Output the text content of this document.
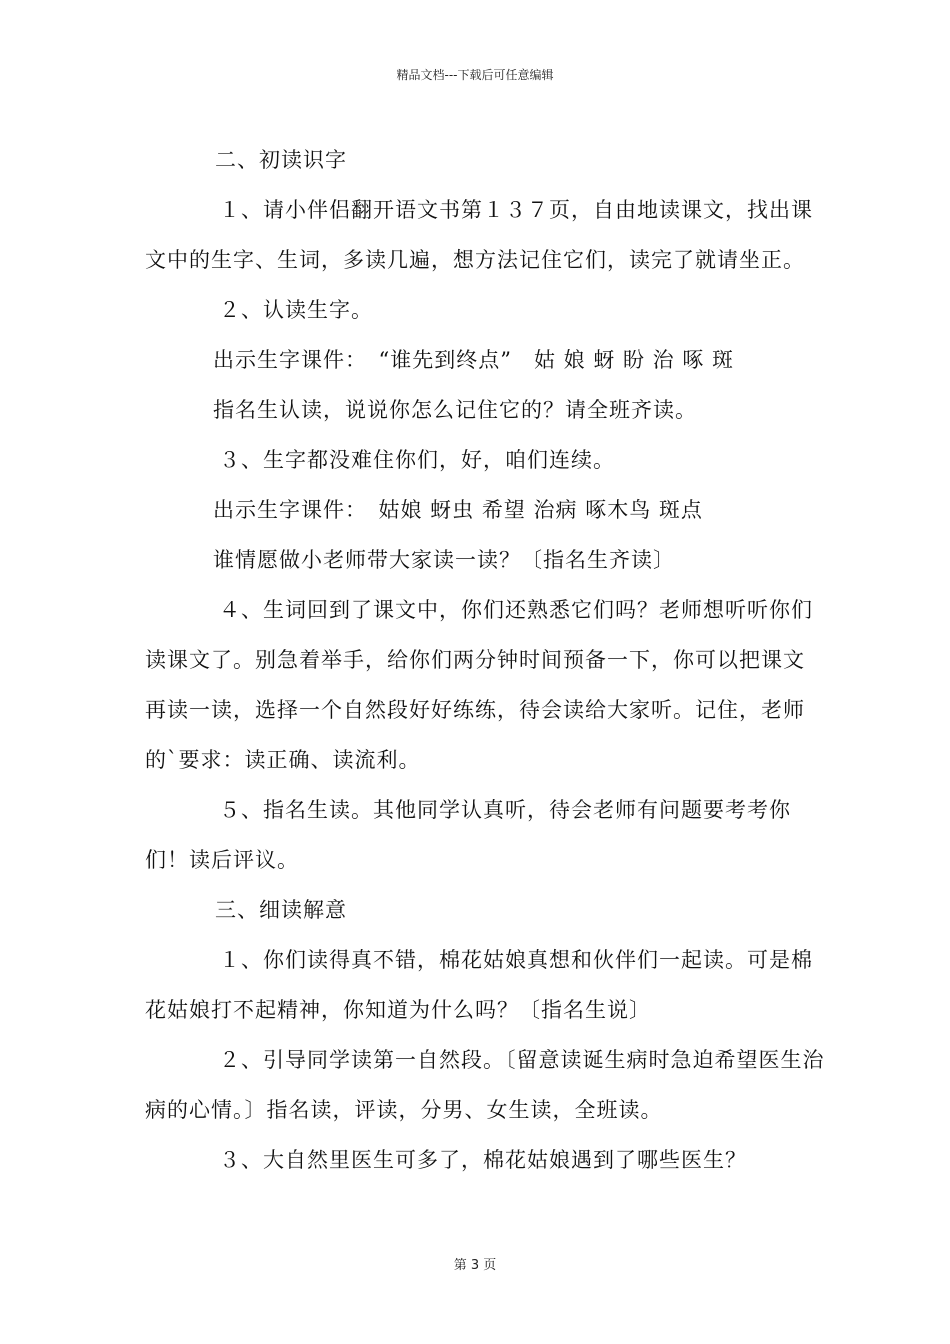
精品文档---下载后可任意编辑

二、初读识字

１、请小伴侣翻开语文书第１３７页，自由地读课文，找出课文中的生字、生词，多读几遍，想方法记住它们，读完了就请坐正。

２、认读生字。

出示生字课件：　“谁先到终点”　姑 娘 蚜 盼 治 啄 斑

指名生认读，说说你怎么记住它的？请全班齐读。

３、生字都没难住你们，好，咱们连续。

出示生字课件：　姑娘 蚜虫 希望 治病 啄木鸟 斑点

谁情愿做小老师带大家读一读？〔指名生齐读〕

４、生词回到了课文中，你们还熟悉它们吗？老师想听听你们读课文了。别急着举手，给你们两分钟时间预备一下，你可以把课文再读一读，选择一个自然段好好练练，待会读给大家听。记住，老师的`要求：读正确、读流利。

５、指名生读。其他同学认真听，待会老师有问题要考考你们！读后评议。

三、细读解意

１、你们读得真不错，棉花姑娘真想和伙伴们一起读。可是棉花姑娘打不起精神，你知道为什么吗？〔指名生说〕

２、引导同学读第一自然段。〔留意读诞生病时急迫希望医生治病的心情。〕指名读，评读，分男、女生读，全班读。

３、大自然里医生可多了，棉花姑娘遇到了哪些医生？

第 3 页
